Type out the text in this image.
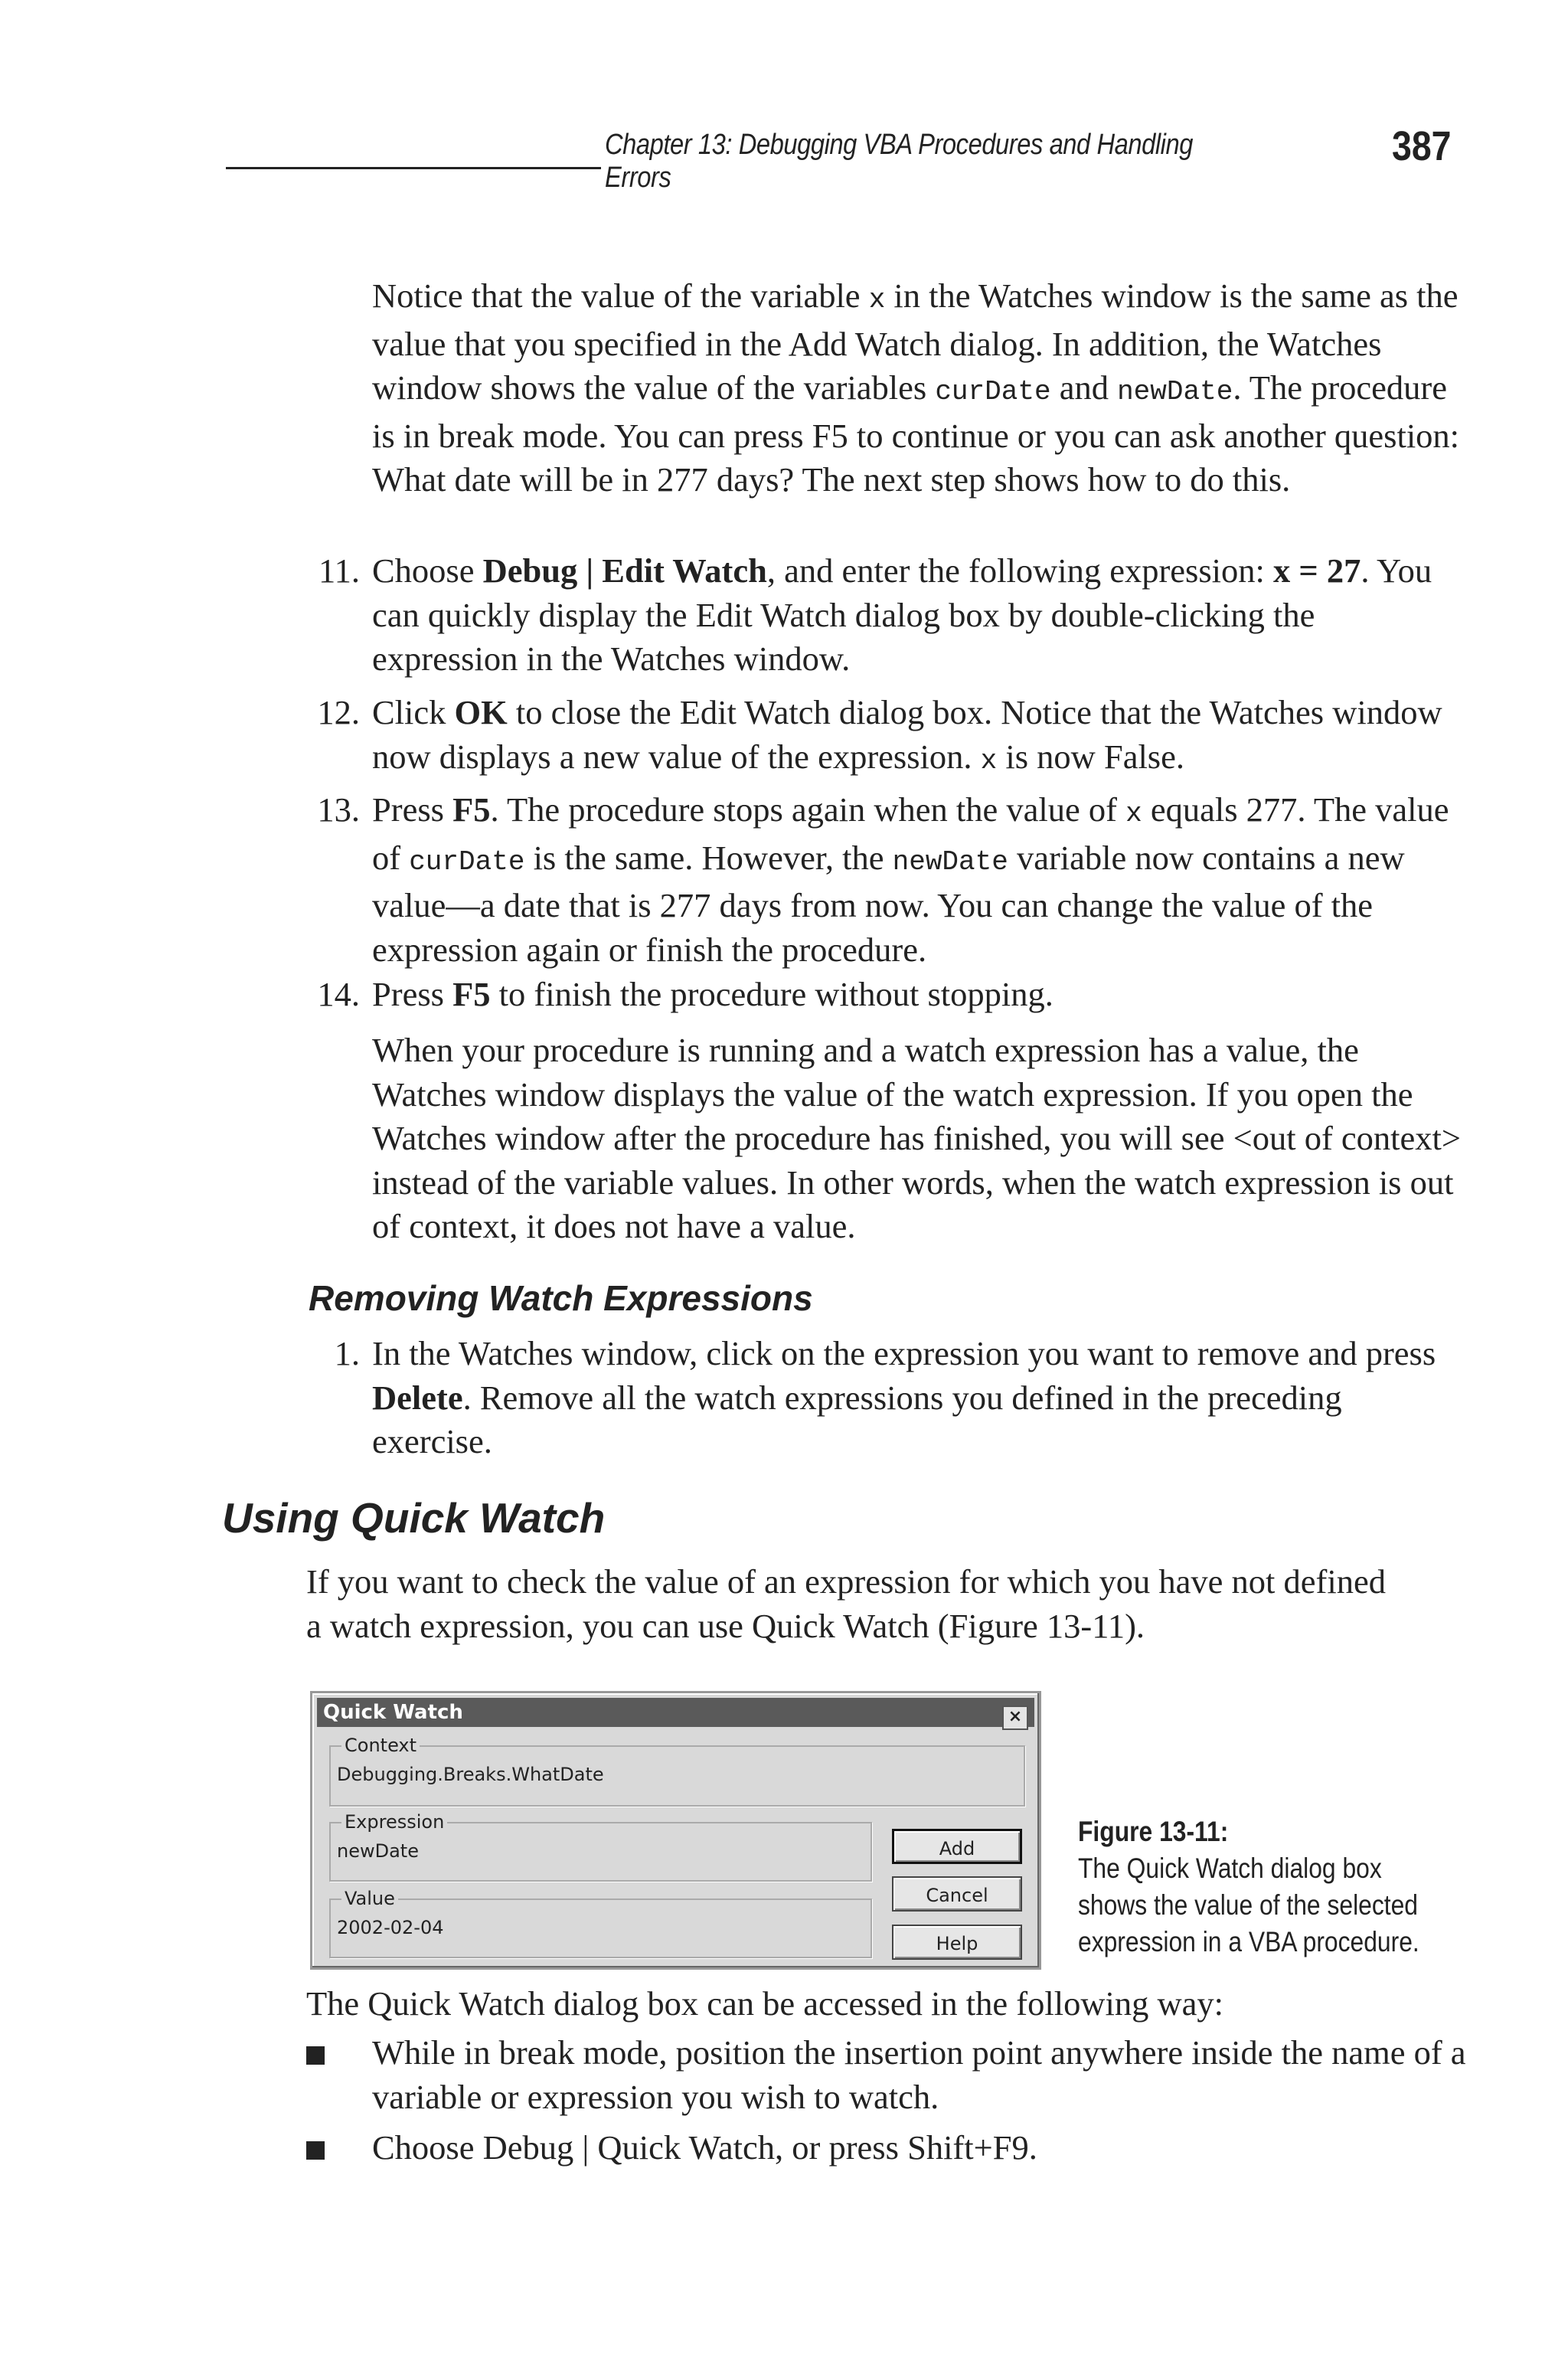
Chapter 13: Debugging VBA Procedures and Handling Errors
387
Notice that the value of the variable x in the Watches window is the same as the value that you specified in the Add Watch dialog. In addition, the Watches window shows the value of the variables curDate and newDate. The procedure is in break mode. You can press F5 to continue or you can ask another question: What date will be in 277 days? The next step shows how to do this.
11. Choose Debug | Edit Watch, and enter the following expression: x = 27. You can quickly display the Edit Watch dialog box by double-clicking the expression in the Watches window.
12. Click OK to close the Edit Watch dialog box. Notice that the Watches window now displays a new value of the expression. x is now False.
13. Press F5. The procedure stops again when the value of x equals 277. The value of curDate is the same. However, the newDate variable now contains a new value—a date that is 277 days from now. You can change the value of the expression again or finish the procedure.
14. Press F5 to finish the procedure without stopping.
When your procedure is running and a watch expression has a value, the Watches window displays the value of the watch expression. If you open the Watches window after the procedure has finished, you will see <out of context> instead of the variable values. In other words, when the watch expression is out of context, it does not have a value.
Removing Watch Expressions
1. In the Watches window, click on the expression you want to remove and press Delete. Remove all the watch expressions you defined in the preceding exercise.
Using Quick Watch
If you want to check the value of an expression for which you have not defined a watch expression, you can use Quick Watch (Figure 13-11).
Quick Watch	×
Context
Debugging.Breaks.WhatDate
Expression
newDate
Value
2002-02-04
Add
Cancel
Help
Figure 13-11:
The Quick Watch dialog box shows the value of the selected expression in a VBA procedure.
The Quick Watch dialog box can be accessed in the following way:
While in break mode, position the insertion point anywhere inside the name of a variable or expression you wish to watch.
Choose Debug | Quick Watch, or press Shift+F9.
